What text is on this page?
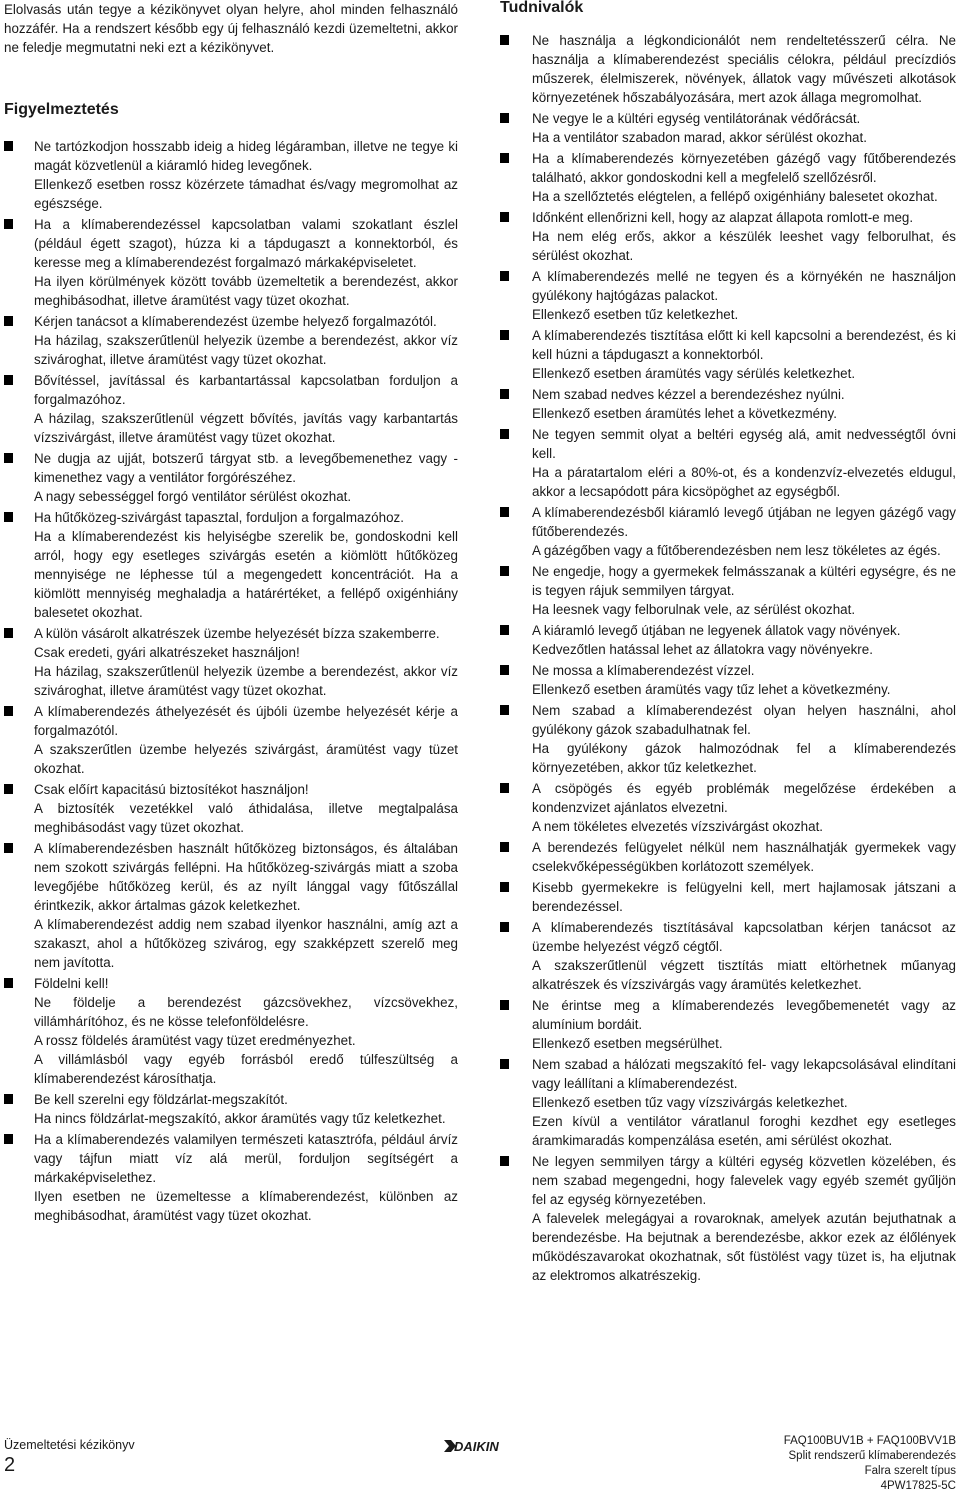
Elolvasás után tegye a kézikönyvet olyan helyre, ahol minden felhasználó hozzáfér. Ha a rendszert később egy új felhasználó kezdi üzemeltetni, akkor ne feledje megmutatni neki ezt a kézikönyvet.

Figyelmeztetés

Ne tartózkodjon hosszabb ideig a hideg légáramban, illetve ne tegye ki magát közvetlenül a kiáramló hideg levegőnek.

Ellenkező esetben rossz közérzete támadhat és/vagy megromolhat az egészsége.

Ha a klímaberendezéssel kapcsolatban valami szokatlant észlel (például égett szagot), húzza ki a tápdugaszt a konnektorból, és keresse meg a klímaberendezést forgalmazó márkaképviseletet.

Ha ilyen körülmények között tovább üzemeltetik a berendezést, akkor meghibásodhat, illetve áramütést vagy tüzet okozhat.

Kérjen tanácsot a klímaberendezést üzembe helyező forgalmazótól.

Ha házilag, szakszerűtlenül helyezik üzembe a berendezést, akkor víz szivároghat, illetve áramütést vagy tüzet okozhat.

Bővítéssel, javítással és karbantartással kapcsolatban forduljon a forgalmazóhoz.

A házilag, szakszerűtlenül végzett bővítés, javítás vagy karbantartás vízszivárgást, illetve áramütést vagy tüzet okozhat.

Ne dugja az ujját, botszerű tárgyat stb. a levegőbemenethez vagy -kimenethez vagy a ventilátor forgórészéhez.

A nagy sebességgel forgó ventilátor sérülést okozhat.

Ha hűtőközeg-szivárgást tapasztal, forduljon a forgalmazóhoz.

Ha a klímaberendezést kis helyiségbe szerelik be, gondoskodni kell arról, hogy egy esetleges szivárgás esetén a kiömlött hűtőközeg mennyisége ne léphesse túl a megengedett koncentrációt. Ha a kiömlött mennyiség meghaladja a határértéket, a fellépő oxigénhiány balesetet okozhat.

A külön vásárolt alkatrészek üzembe helyezését bízza szakemberre.

Csak eredeti, gyári alkatrészeket használjon!

Ha házilag, szakszerűtlenül helyezik üzembe a berendezést, akkor víz szivároghat, illetve áramütést vagy tüzet okozhat.

A klímaberendezés áthelyezését és újbóli üzembe helyezését kérje a forgalmazótól.

A szakszerűtlen üzembe helyezés szivárgást, áramütést vagy tüzet okozhat.

Csak előírt kapacitású biztosítékot használjon!

A biztosíték vezetékkel való áthidalása, illetve megtalpalása meghibásodást vagy tüzet okozhat.

A klímaberendezésben használt hűtőközeg biztonságos, és általában nem szokott szivárgás fellépni. Ha hűtőközeg-szivárgás miatt a szoba levegőjébe hűtőközeg kerül, és az nyílt lánggal vagy fűtőszállal érintkezik, akkor ártalmas gázok keletkezhet.

A klímaberendezést addig nem szabad ilyenkor használni, amíg azt a szakaszt, ahol a hűtőközeg szivárog, egy szakképzett szerelő meg nem javította.

Földelni kell!

Ne földelje a berendezést gázcsövekhez, vízcsövekhez, villámhárítóhoz, és ne kösse telefonföldelésre.

A rossz földelés áramütést vagy tüzet eredményezhet.

A villámlásból vagy egyéb forrásból eredő túlfeszültség a klímaberendezést károsíthatja.

Be kell szerelni egy földzárlat-megszakítót.

Ha nincs földzárlat-megszakító, akkor áramütés vagy tűz keletkezhet.

Ha a klímaberendezés valamilyen természeti katasztrófa, például árvíz vagy tájfun miatt víz alá merül, forduljon segítségért a márkaképviselethez.

Ilyen esetben ne üzemeltesse a klímaberendezést, különben az meghibásodhat, áramütést vagy tüzet okozhat.

Tudnivalók

Ne használja a légkondicionálót nem rendeltetésszerű célra. Ne használja a klímaberendezést speciális célokra, például precízdiós műszerek, élelmiszerek, növények, állatok vagy művészeti alkotások környezetének hőszabályozására, mert azok állaga megromolhat.

Ne vegye le a kültéri egység ventilátorának védőrácsát.

Ha a ventilátor szabadon marad, akkor sérülést okozhat.

Ha a klímaberendezés környezetében gázégő vagy fűtőberendezés található, akkor gondoskodni kell a megfelelő szellőzésről.

Ha a szellőztetés elégtelen, a fellépő oxigénhiány balesetet okozhat.

Időnként ellenőrizni kell, hogy az alapzat állapota romlott-e meg.

Ha nem elég erős, akkor a készülék leeshet vagy felborulhat, és sérülést okozhat.

A klímaberendezés mellé ne tegyen és a környékén ne használjon gyúlékony hajtógázas palackot.

Ellenkező esetben tűz keletkezhet.

A klímaberendezés tisztítása előtt ki kell kapcsolni a berendezést, és ki kell húzni a tápdugaszt a konnektorból.

Ellenkező esetben áramütés vagy sérülés keletkezhet.

Nem szabad nedves kézzel a berendezéshez nyúlni.

Ellenkező esetben áramütés lehet a következmény.

Ne tegyen semmit olyat a beltéri egység alá, amit nedvességtől óvni kell.

Ha a páratartalom eléri a 80%-ot, és a kondenzvíz-elvezetés eldugul, akkor a lecsapódott pára kicsöpöghet az egységből.

A klímaberendezésből kiáramló levegő útjában ne legyen gázégő vagy fűtőberendezés.

A gázégőben vagy a fűtőberendezésben nem lesz tökéletes az égés.

Ne engedje, hogy a gyermekek felmásszanak a kültéri egységre, és ne is tegyen rájuk semmilyen tárgyat.

Ha leesnek vagy felborulnak vele, az sérülést okozhat.

A kiáramló levegő útjában ne legyenek állatok vagy növények.

Kedvezőtlen hatással lehet az állatokra vagy növényekre.

Ne mossa a klímaberendezést vízzel.

Ellenkező esetben áramütés vagy tűz lehet a következmény.

Nem szabad a klímaberendezést olyan helyen használni, ahol gyúlékony gázok szabadulhatnak fel.

Ha gyúlékony gázok halmozódnak fel a klímaberendezés környezetében, akkor tűz keletkezhet.

A csöpögés és egyéb problémák megelőzése érdekében a kondenzvizet ajánlatos elvezetni.

A nem tökéletes elvezetés vízszivárgást okozhat.

A berendezés felügyelet nélkül nem használhatják gyermekek vagy cselekvőképességükben korlátozott személyek.

Kisebb gyermekekre is felügyelni kell, mert hajlamosak játszani a berendezéssel.

A klímaberendezés tisztításával kapcsolatban kérjen tanácsot az üzembe helyezést végző cégtől.

A szakszerűtlenül végzett tisztítás miatt eltörhetnek műanyag alkatrészek és vízszivárgás vagy áramütés keletkezhet.

Ne érintse meg a klímaberendezés levegőbemenetét vagy az alumínium bordáit.

Ellenkező esetben megsérülhet.

Nem szabad a hálózati megszakító fel- vagy lekapcsolásával elindítani vagy leállítani a klímaberendezést.

Ellenkező esetben tűz vagy vízszivárgás keletkezhet.

Ezen kívül a ventilátor váratlanul foroghi kezdhet egy esetleges áramkimaradás kompenzálása esetén, ami sérülést okozhat.

Ne legyen semmilyen tárgy a kültéri egység közvetlen közelében, és nem szabad megengedni, hogy falevelek vagy egyéb szemét gyűljön fel az egység környezetében.

A falevelek melegágyai a rovaroknak, amelyek azután bejuthatnak a berendezésbe. Ha bejutnak a berendezésbe, akkor ezek az élőlények működészavarokat okozhatnak, sőt füstölést vagy tüzet is, ha eljutnak az elektromos alkatrészekig.

Üzemeltetési kézikönyv
2
DAIKIN	FAQ100BUV1B + FAQ100BVV1B
Split rendszerű klímaberendezés
Falra szerelt típus
4PW17825-5C
